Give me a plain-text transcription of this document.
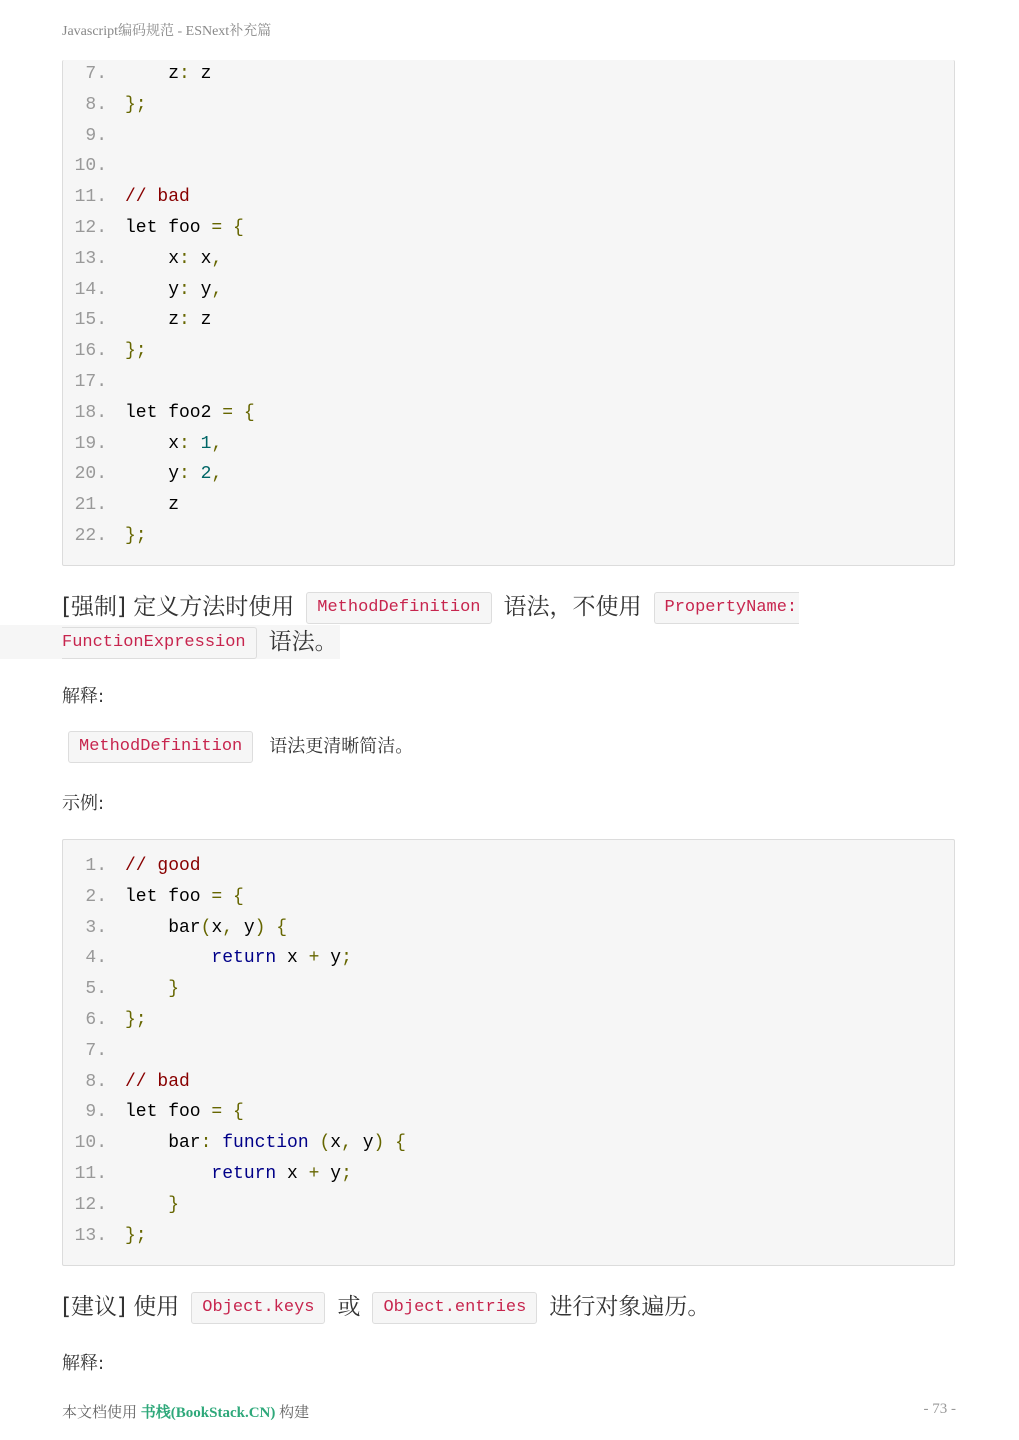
Javascript编码规范 - ESNext补充篇
7. z: z
8. };
9.
10.
11. // bad
12. let foo = {
13. x: x,
14. y: y,
15. z: z
16. };
17.
18. let foo2 = {
19. x: 1,
20. y: 2,
21. z
22. };
[强制] 定义方法时使用 MethodDefinition 语法，不使用 PropertyName:
FunctionExpression 语法。
解释:
MethodDefinition 语法更清晰简洁。
示例:
1. // good
2. let foo = {
3. bar(x, y) {
4.	return x + y;
5.	}
6. };
7.
8. // bad
9. let foo = {
10. bar: function (x, y) {
11.	return x + y;
12.	}
13. };
[建议] 使用 Object.keys 或 Object.entries 进行对象遍历。
解释:
本文档使用 书栈(BookStack.CN) 构建	- 73 -
